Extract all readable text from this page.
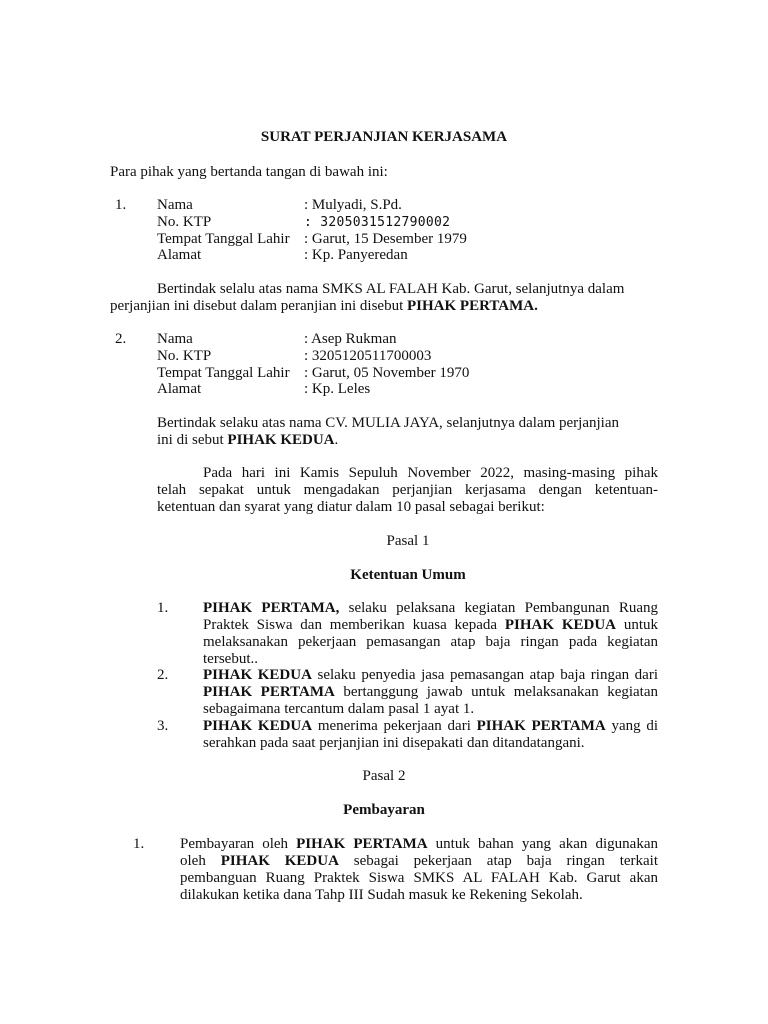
SURAT PERJANJIAN KERJASAMA
Para pihak yang bertanda tangan di bawah ini:
1. Nama	: Mulyadi, S.Pd.
No. KTP	: 3205031512790002
Tempat Tanggal Lahir : Garut, 15 Desember 1979
Alamat	: Kp. Panyeredan
Bertindak selalu atas nama SMKS AL FALAH Kab. Garut, selanjutnya dalam
perjanjian ini disebut dalam peranjian ini disebut PIHAK PERTAMA.
2. Nama	: Asep Rukman
No. KTP	: 3205120511700003
Tempat Tanggal Lahir : Garut, 05 November 1970
Alamat	: Kp. Leles
Bertindak selaku atas nama CV. MULIA JAYA, selanjutnya dalam perjanjian
ini di sebut PIHAK KEDUA.
Pada hari ini Kamis Sepuluh November 2022, masing-masing pihak
telah sepakat untuk mengadakan perjanjian kerjasama dengan ketentuan-
ketentuan dan syarat yang diatur dalam 10 pasal sebagai berikut:
Pasal 1
Ketentuan Umum
1. PIHAK PERTAMA, selaku pelaksana kegiatan Pembangunan Ruang
Praktek Siswa dan memberikan kuasa kepada PIHAK KEDUA untuk
melaksanakan pekerjaan pemasangan atap baja ringan pada kegiatan
tersebut..
2. PIHAK KEDUA selaku penyedia jasa pemasangan atap baja ringan dari
PIHAK PERTAMA bertanggung jawab untuk melaksanakan kegiatan
sebagaimana tercantum dalam pasal 1 ayat 1.
3. PIHAK KEDUA menerima pekerjaan dari PIHAK PERTAMA yang di
serahkan pada saat perjanjian ini disepakati dan ditandatangani.
Pasal 2
Pembayaran
1. Pembayaran oleh PIHAK PERTAMA untuk bahan yang akan digunakan
oleh PIHAK KEDUA sebagai pekerjaan atap baja ringan terkait
pembanguan Ruang Praktek Siswa SMKS AL FALAH Kab. Garut akan
dilakukan ketika dana Tahp III Sudah masuk ke Rekening Sekolah.
